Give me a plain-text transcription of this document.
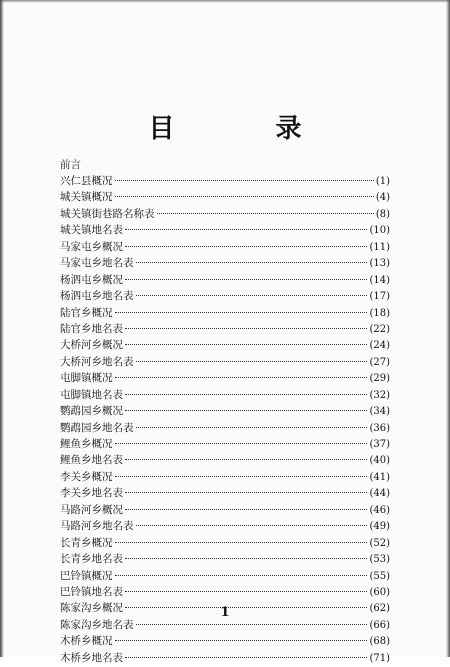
目 录
前言
兴仁县概况	(1)
城关镇概况	(4)
城关镇街巷路名称表	(8)
城关镇地名表	(10)
马家屯乡概况	(11)
马家屯乡地名表	(13)
杨泗屯乡概况	(14)
杨泗屯乡地名表	(17)
陆官乡概况	(18)
陆官乡地名表	(22)
大桥河乡概况	(24)
大桥河乡地名表	(27)
屯脚镇概况	(29)
屯脚镇地名表	(32)
鹦鹉园乡概况	(34)
鹦鹉园乡地名表	(36)
鲤鱼乡概况	(37)
鲤鱼乡地名表	(40)
李关乡概况	(41)
李关乡地名表	(44)
马路河乡概况	(46)
马路河乡地名表	(49)
长青乡概况	(52)
长青乡地名表	(53)
巴铃镇概况	(55)
巴铃镇地名表	(60)
陈家沟乡概况	(62)
陈家沟乡地名表	(66)
木桥乡概况	(68)
木桥乡地名表	(71)
1
